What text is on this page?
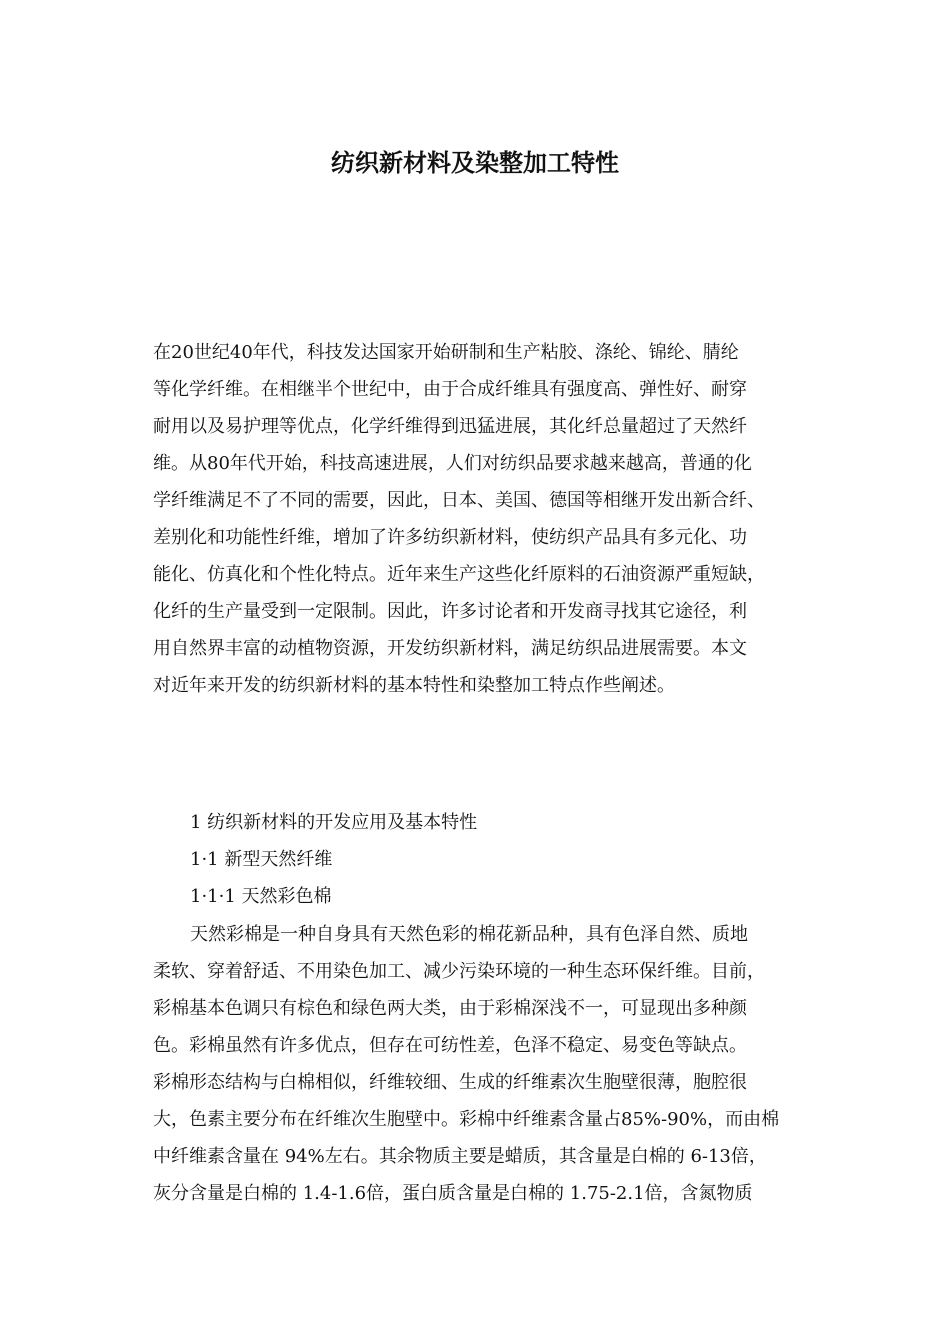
纺织新材料及染整加工特性
在20世纪40年代，科技发达国家开始研制和生产粘胶、涤纶、锦纶、腈纶
等化学纤维。在相继半个世纪中，由于合成纤维具有强度高、弹性好、耐穿
耐用以及易护理等优点，化学纤维得到迅猛进展，其化纤总量超过了天然纤
维。从80年代开始，科技高速进展，人们对纺织品要求越来越高，普通的化
学纤维满足不了不同的需要，因此，日本、美国、德国等相继开发出新合纤、
差别化和功能性纤维，增加了许多纺织新材料，使纺织产品具有多元化、功
能化、仿真化和个性化特点。近年来生产这些化纤原料的石油资源严重短缺，
化纤的生产量受到一定限制。因此，许多讨论者和开发商寻找其它途径，利
用自然界丰富的动植物资源，开发纺织新材料，满足纺织品进展需要。本文
对近年来开发的纺织新材料的基本特性和染整加工特点作些阐述。
1 纺织新材料的开发应用及基本特性
1·1 新型天然纤维
1·1·1 天然彩色棉
天然彩棉是一种自身具有天然色彩的棉花新品种，具有色泽自然、质地
柔软、穿着舒适、不用染色加工、减少污染环境的一种生态环保纤维。目前，
彩棉基本色调只有棕色和绿色两大类，由于彩棉深浅不一，可显现出多种颜
色。彩棉虽然有许多优点，但存在可纺性差，色泽不稳定、易变色等缺点。
彩棉形态结构与白棉相似，纤维较细、生成的纤维素次生胞壁很薄，胞腔很
大，色素主要分布在纤维次生胞壁中。彩棉中纤维素含量占85%-90%，而由棉
中纤维素含量在 94%左右。其余物质主要是蜡质，其含量是白棉的 6-13倍，
灰分含量是白棉的 1.4-1.6倍，蛋白质含量是白棉的 1.75-2.1倍，含氮物质
